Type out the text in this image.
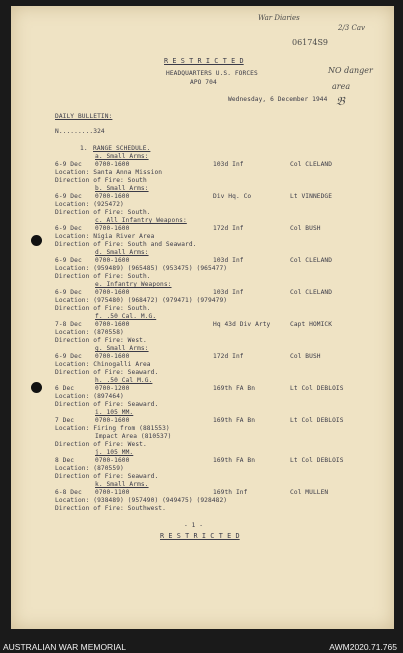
War Diaries
2/3 Cav
06174S9
NO danger
area
𝔅
R E S T R I C T E D
HEADQUARTERS U.S. FORCES
APO 704
Wednesday, 6 December 1944
DAILY BULLETIN:
N.........324
1. RANGE SCHEDULE.
a. Small Arms:
6-9 Dec 0700-1600	103d Inf	Col CLELAND
Location: Santa Anna Mission
Direction of Fire: South
b. Small Arms:
6-9 Dec 0700-1600	Div Hq. Co	Lt VINNEDGE
Location: (925472)
Direction of Fire: South.
c. All Infantry Weapons:
6-9 Dec 0700-1600	172d Inf	Col BUSH
Location: Nigia River Area
Direction of Fire: South and Seaward.
d. Small Arms:
6-9 Dec 0700-1600	103d Inf	Col CLELAND
Location: (959489) (965485) (953475) (965477)
Direction of Fire: South.
e. Infantry Weapons:
6-9 Dec 0700-1600	103d Inf	Col CLELAND
Location: (975480) (968472) (979471) (979479)
Direction of Fire: South.
f. .50 Cal. M.G.
7-8 Dec 0700-1600	Hq 43d Div Arty	Capt HOMICK
Location: (870558)
Direction of Fire: West.
g. Small Arms:
6-9 Dec 0700-1600	172d Inf	Col BUSH
Location: Chinogalli Area
Direction of Fire: Seaward.
h. .50 Cal M.G.
6 Dec	0700-1200	169th FA Bn	Lt Col DEBLOIS
Location: (897464)
Direction of Fire: Seaward.
i. 105 MM.
7 Dec	0700-1600	169th FA Bn	Lt Col DEBLOIS
Location: Firing from (881553)
Impact Area (810537)
Direction of Fire: West.
j. 105 MM.
8 Dec	0700-1600	169th FA Bn	Lt Col DEBLOIS
Location: (870559)
Direction of Fire: Seaward.
k. Small Arms.
6-8 Dec 0700-1100	169th Inf	Col MULLEN
Location: (938489) (957490) (949475) (928482)
Direction of Fire: Southwest.
- 1 -
R E S T R I C T E D
AUSTRALIAN WAR MEMORIAL	AWM2020.71.765
